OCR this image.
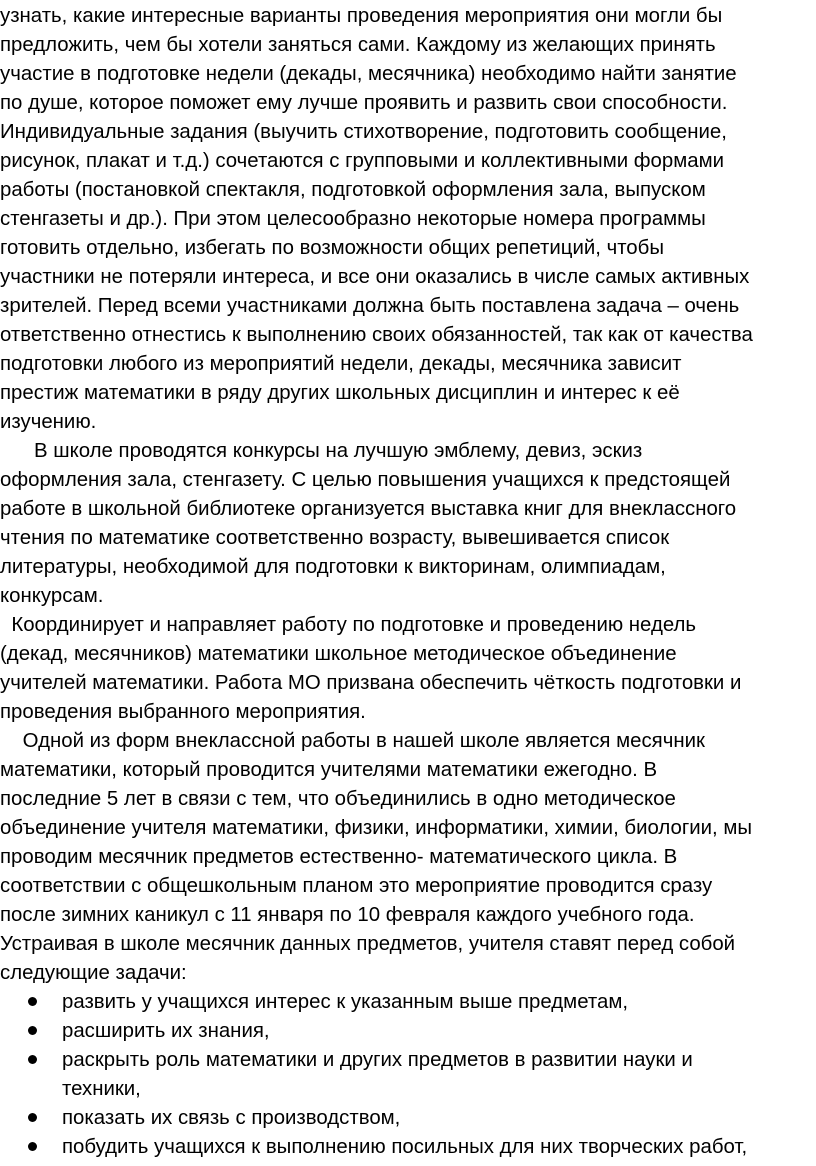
узнать, какие интересные варианты проведения мероприятия они могли бы
предложить, чем бы хотели заняться сами. Каждому из желающих принять
участие в подготовке недели (декады, месячника) необходимо найти занятие
по душе, которое поможет ему лучше проявить и развить свои способности.
Индивидуальные задания (выучить стихотворение, подготовить сообщение,
рисунок, плакат и т.д.) сочетаются с групповыми и коллективными формами
работы (постановкой спектакля, подготовкой оформления зала, выпуском
стенгазеты и др.). При этом целесообразно некоторые номера программы
готовить отдельно, избегать по возможности общих репетиций, чтобы
участники не потеряли интереса, и все они оказались в числе самых активных
зрителей. Перед всеми участниками должна быть поставлена задача – очень
ответственно отнестись к выполнению своих обязанностей, так как от качества
подготовки любого из мероприятий недели, декады, месячника зависит
престиж математики в ряду других школьных дисциплин и интерес к её
изучению.
В школе проводятся конкурсы на лучшую эмблему, девиз, эскиз
оформления зала, стенгазету. С целью повышения учащихся к предстоящей
работе в школьной библиотеке организуется выставка книг для внеклассного
чтения по математике соответственно возрасту, вывешивается список
литературы, необходимой для подготовки к викторинам, олимпиадам,
конкурсам.
Координирует и направляет работу по подготовке и проведению недель
(декад, месячников) математики школьное методическое объединение
учителей математики. Работа МО призвана обеспечить чёткость подготовки и
проведения выбранного мероприятия.
Одной из форм внеклассной работы в нашей школе является месячник
математики, который проводится учителями математики ежегодно. В
последние 5 лет в связи с тем, что объединились в одно методическое
объединение учителя математики, физики, информатики, химии, биологии, мы
проводим месячник предметов естественно- математического цикла. В
соответствии с общешкольным планом это мероприятие проводится сразу
после зимних каникул с 11 января по 10 февраля каждого учебного года.
Устраивая в школе месячник данных предметов, учителя ставят перед собой
следующие задачи:
развить у учащихся интерес к указанным выше предметам,
расширить их знания,
раскрыть роль математики и других предметов в развитии науки и
техники,
показать их связь с производством,
побудить учащихся к выполнению посильных для них творческих работ,
